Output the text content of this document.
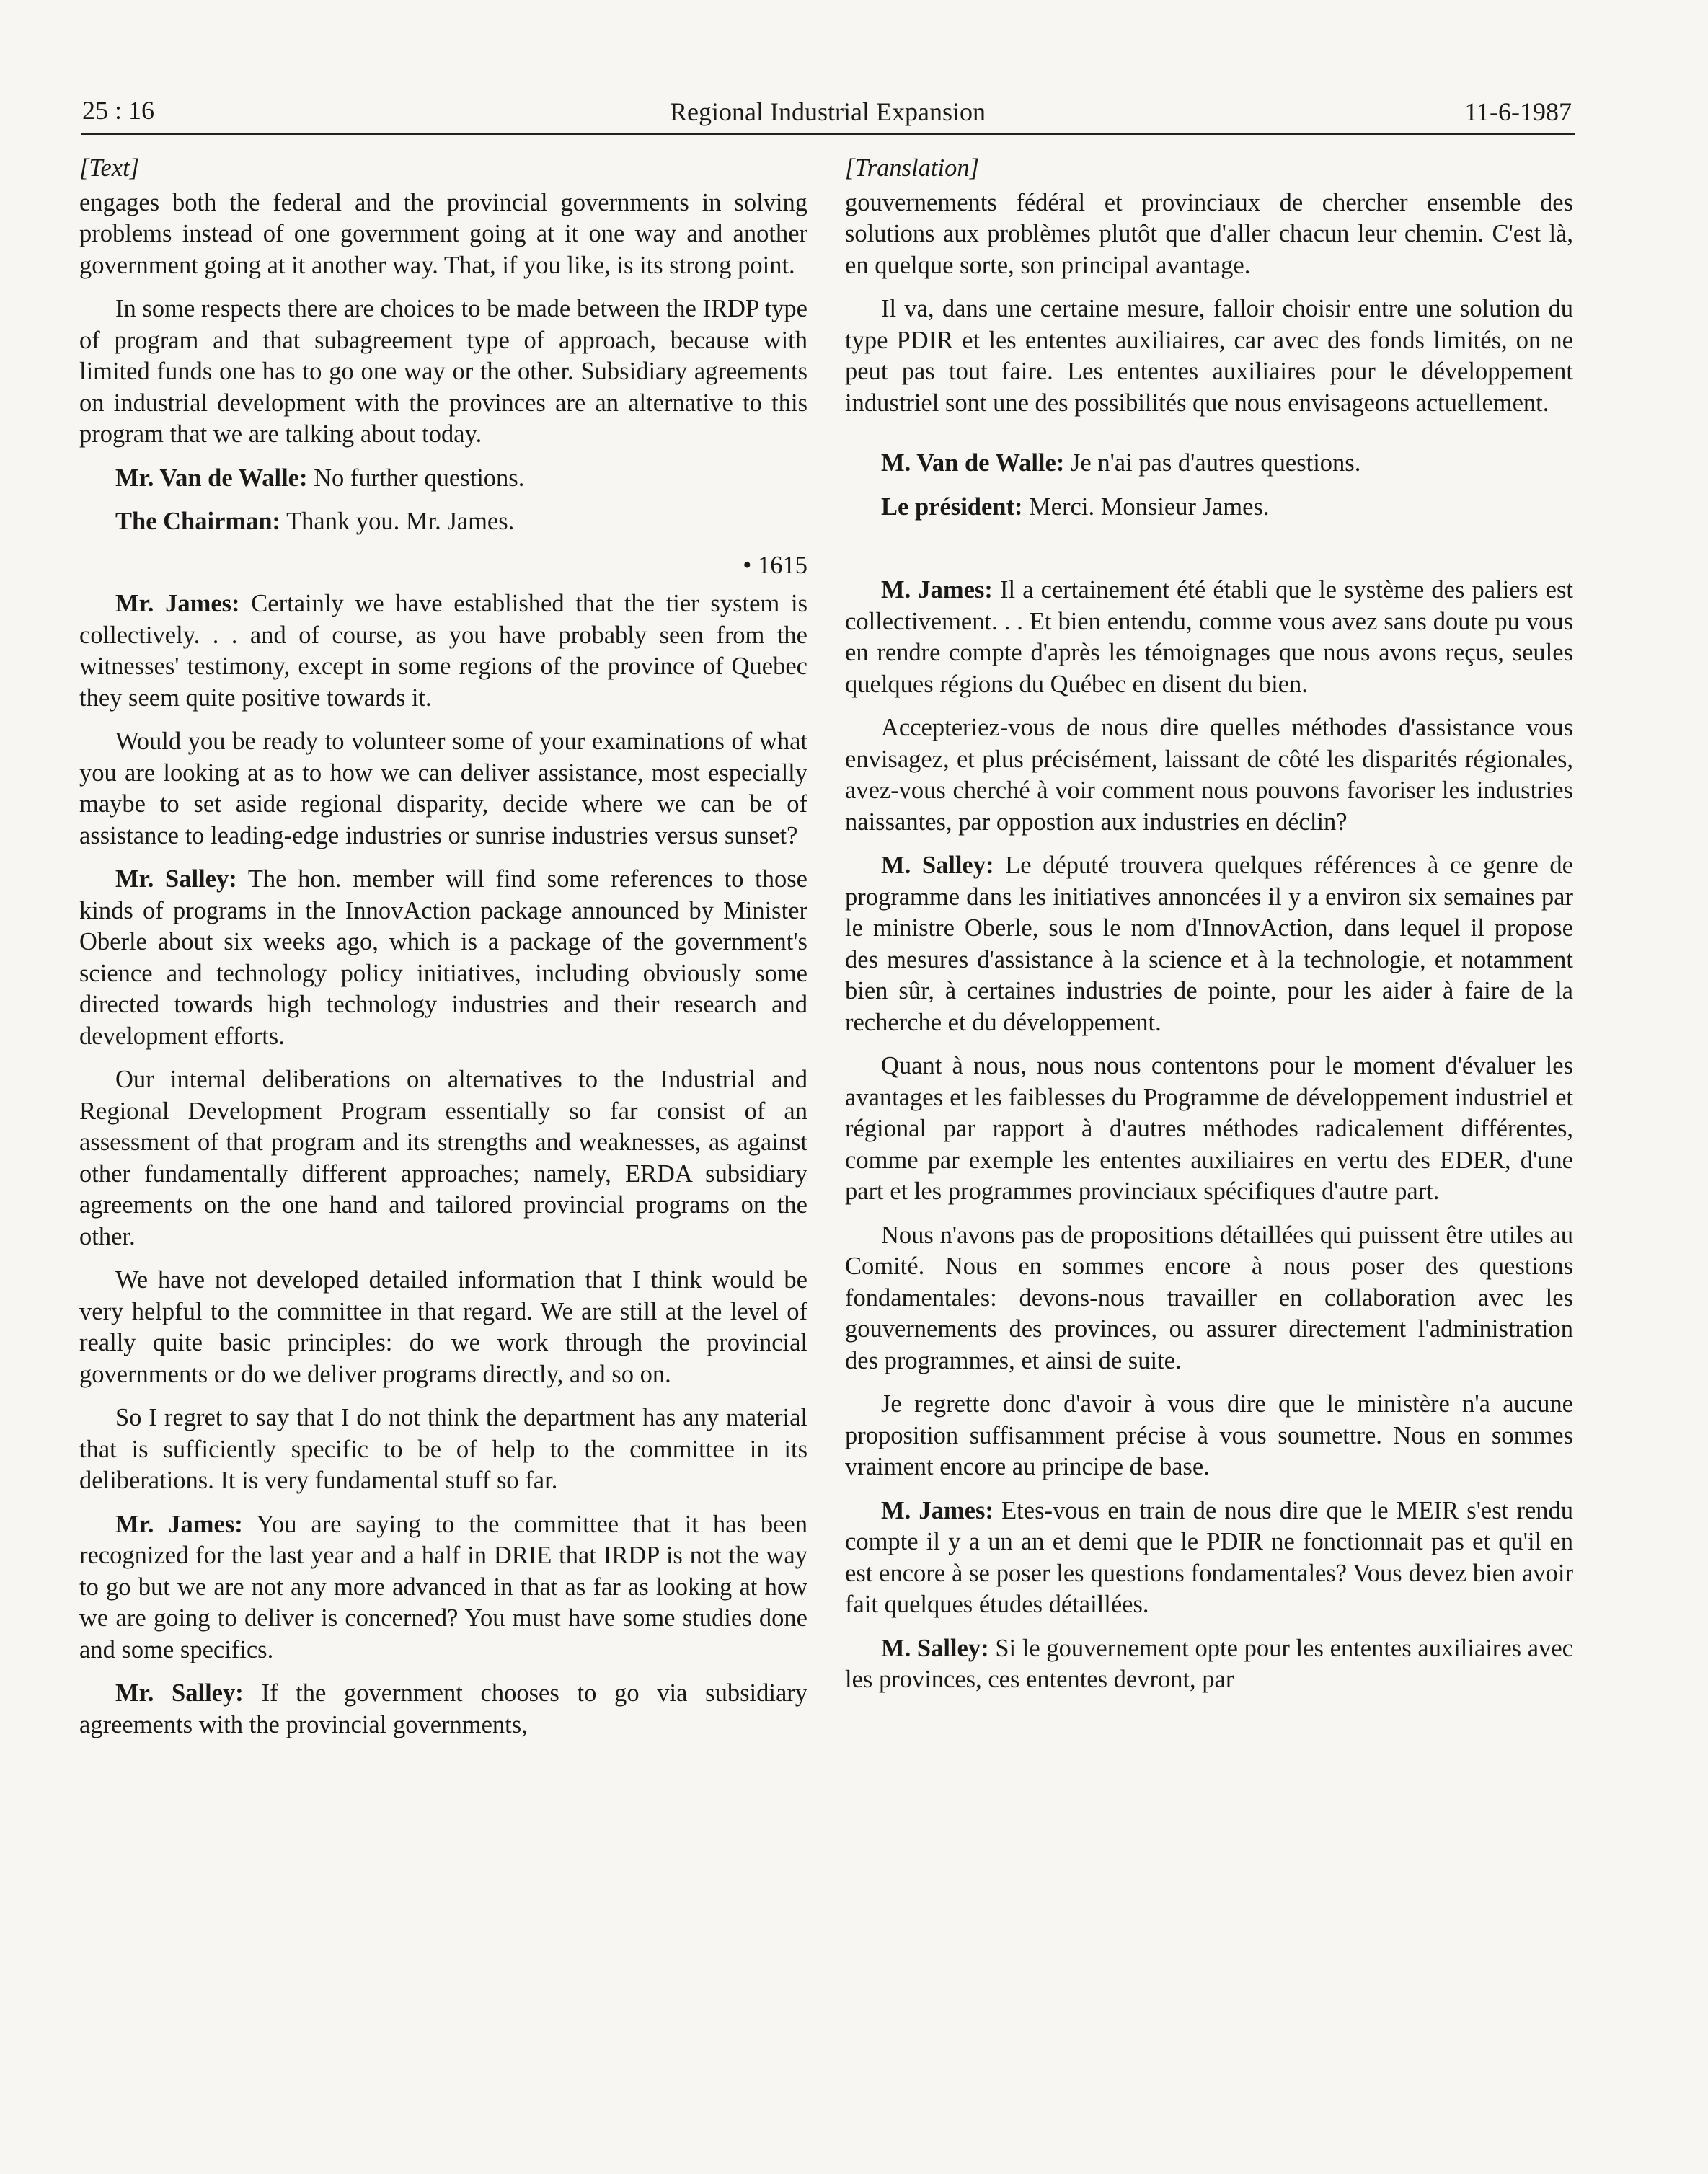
25 : 16	Regional Industrial Expansion	11-6-1987
[Text]

engages both the federal and the provincial governments in solving problems instead of one government going at it one way and another government going at it another way. That, if you like, is its strong point.

In some respects there are choices to be made between the IRDP type of program and that subagreement type of approach, because with limited funds one has to go one way or the other. Subsidiary agreements on industrial development with the provinces are an alternative to this program that we are talking about today.

Mr. Van de Walle: No further questions.

The Chairman: Thank you. Mr. James.

• 1615

Mr. James: Certainly we have established that the tier system is collectively. . . and of course, as you have probably seen from the witnesses' testimony, except in some regions of the province of Quebec they seem quite positive towards it.

Would you be ready to volunteer some of your examinations of what you are looking at as to how we can deliver assistance, most especially maybe to set aside regional disparity, decide where we can be of assistance to leading-edge industries or sunrise industries versus sunset?

Mr. Salley: The hon. member will find some references to those kinds of programs in the InnovAction package announced by Minister Oberle about six weeks ago, which is a package of the government's science and technology policy initiatives, including obviously some directed towards high technology industries and their research and development efforts.

Our internal deliberations on alternatives to the Industrial and Regional Development Program essentially so far consist of an assessment of that program and its strengths and weaknesses, as against other fundamentally different approaches; namely, ERDA subsidiary agreements on the one hand and tailored provincial programs on the other.

We have not developed detailed information that I think would be very helpful to the committee in that regard. We are still at the level of really quite basic principles: do we work through the provincial governments or do we deliver programs directly, and so on.

So I regret to say that I do not think the department has any material that is sufficiently specific to be of help to the committee in its deliberations. It is very fundamental stuff so far.

Mr. James: You are saying to the committee that it has been recognized for the last year and a half in DRIE that IRDP is not the way to go but we are not any more advanced in that as far as looking at how we are going to deliver is concerned? You must have some studies done and some specifics.

Mr. Salley: If the government chooses to go via subsidiary agreements with the provincial governments,

[Translation]

gouvernements fédéral et provinciaux de chercher ensemble des solutions aux problèmes plutôt que d'aller chacun leur chemin. C'est là, en quelque sorte, son principal avantage.

Il va, dans une certaine mesure, falloir choisir entre une solution du type PDIR et les ententes auxiliaires, car avec des fonds limités, on ne peut pas tout faire. Les ententes auxiliaires pour le développement industriel sont une des possibilités que nous envisageons actuellement.

M. Van de Walle: Je n'ai pas d'autres questions.

Le président: Merci. Monsieur James.

M. James: Il a certainement été établi que le système des paliers est collectivement. . . Et bien entendu, comme vous avez sans doute pu vous en rendre compte d'après les témoignages que nous avons reçus, seules quelques régions du Québec en disent du bien.

Accepteriez-vous de nous dire quelles méthodes d'assistance vous envisagez, et plus précisément, laissant de côté les disparités régionales, avez-vous cherché à voir comment nous pouvons favoriser les industries naissantes, par oppostion aux industries en déclin?

M. Salley: Le député trouvera quelques références à ce genre de programme dans les initiatives annoncées il y a environ six semaines par le ministre Oberle, sous le nom d'InnovAction, dans lequel il propose des mesures d'assistance à la science et à la technologie, et notamment bien sûr, à certaines industries de pointe, pour les aider à faire de la recherche et du développement.

Quant à nous, nous nous contentons pour le moment d'évaluer les avantages et les faiblesses du Programme de développement industriel et régional par rapport à d'autres méthodes radicalement différentes, comme par exemple les ententes auxiliaires en vertu des EDER, d'une part et les programmes provinciaux spécifiques d'autre part.

Nous n'avons pas de propositions détaillées qui puissent être utiles au Comité. Nous en sommes encore à nous poser des questions fondamentales: devons-nous travailler en collaboration avec les gouvernements des provinces, ou assurer directement l'administration des programmes, et ainsi de suite.

Je regrette donc d'avoir à vous dire que le ministère n'a aucune proposition suffisamment précise à vous soumettre. Nous en sommes vraiment encore au principe de base.

M. James: Etes-vous en train de nous dire que le MEIR s'est rendu compte il y a un an et demi que le PDIR ne fonctionnait pas et qu'il en est encore à se poser les questions fondamentales? Vous devez bien avoir fait quelques études détaillées.

M. Salley: Si le gouvernement opte pour les ententes auxiliaires avec les provinces, ces ententes devront, par
